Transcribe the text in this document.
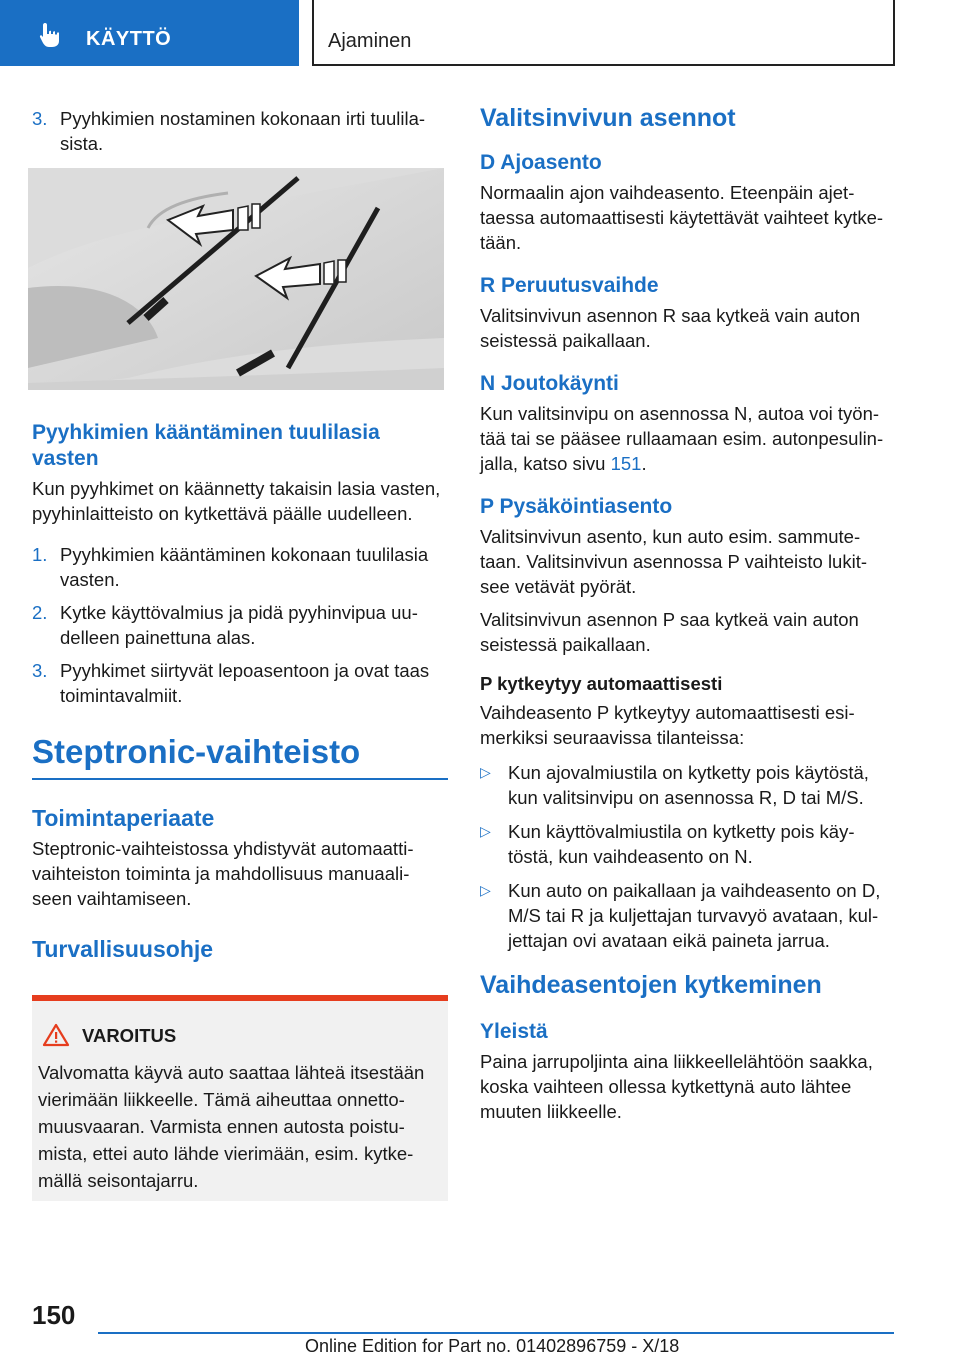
KÄYTTÖ	Ajaminen
3. Pyyhkimien nostaminen kokonaan irti tuulila‐sista.
Pyyhkimien kääntäminen tuulilasia vasten

Kun pyyhkimet on käännetty takaisin lasia vasten, pyyhinlaitteisto on kytkettävä päälle uudelleen.

1. Pyyhkimien kääntäminen kokonaan tuulilasia vasten.
2. Kytke käyttövalmius ja pidä pyyhinvipua uu‐delleen painettuna alas.
3. Pyyhkimet siirtyvät lepoasentoon ja ovat taas toimintavalmiit.
Steptronic-vaihteisto
Toimintaperiaate

Steptronic-vaihteistossa yhdistyvät automaatti‐vaihteiston toiminta ja mahdollisuus manuaali‐seen vaihtamiseen.

Turvallisuusohje
VAROITUS

Valvomatta käyvä auto saattaa lähteä itsestään vierimään liikkeelle. Tämä aiheuttaa onnetto‐muusvaaran. Varmista ennen autosta poistu‐mista, ettei auto lähde vierimään, esim. kytke‐mällä seisontajarru.

Valitsinvivun asennot
D Ajoasento

Normaalin ajon vaihdeasento. Eteenpäin ajet‐taessa automaattisesti käytettävät vaihteet kytke‐tään.

R Peruutusvaihde

Valitsinvivun asennon R saa kytkeä vain auton seistessä paikallaan.

N Joutokäynti

Kun valitsinvipu on asennossa N, autoa voi työn‐tää tai se pääsee rullaamaan esim. autonpesulin‐jalla, katso sivu 151.

P Pysäköintiasento

Valitsinvivun asento, kun auto esim. sammute‐taan. Valitsinvivun asennossa P vaihteisto lukit‐see vetävät pyörät.

Valitsinvivun asennon P saa kytkeä vain auton seistessä paikallaan.

P kytkeytyy automaattisesti

Vaihdeasento P kytkeytyy automaattisesti esi‐merkiksi seuraavissa tilanteissa:

▷ Kun ajovalmiustila on kytketty pois käytöstä, kun valitsinvipu on asennossa R, D tai M/S.
▷ Kun käyttövalmiustila on kytketty pois käy‐töstä, kun vaihdeasento on N.
▷ Kun auto on paikallaan ja vaihdeasento on D, M/S tai R ja kuljettajan turvavyö avataan, kul‐jettajan ovi avataan eikä paineta jarrua.
Vaihdeasentojen kytkeminen
Yleistä

Paina jarrupoljinta aina liikkeellelähtöön saakka, koska vaihteen ollessa kytkettynä auto lähtee muuten liikkeelle.

150
Online Edition for Part no. 01402896759 - X/18
